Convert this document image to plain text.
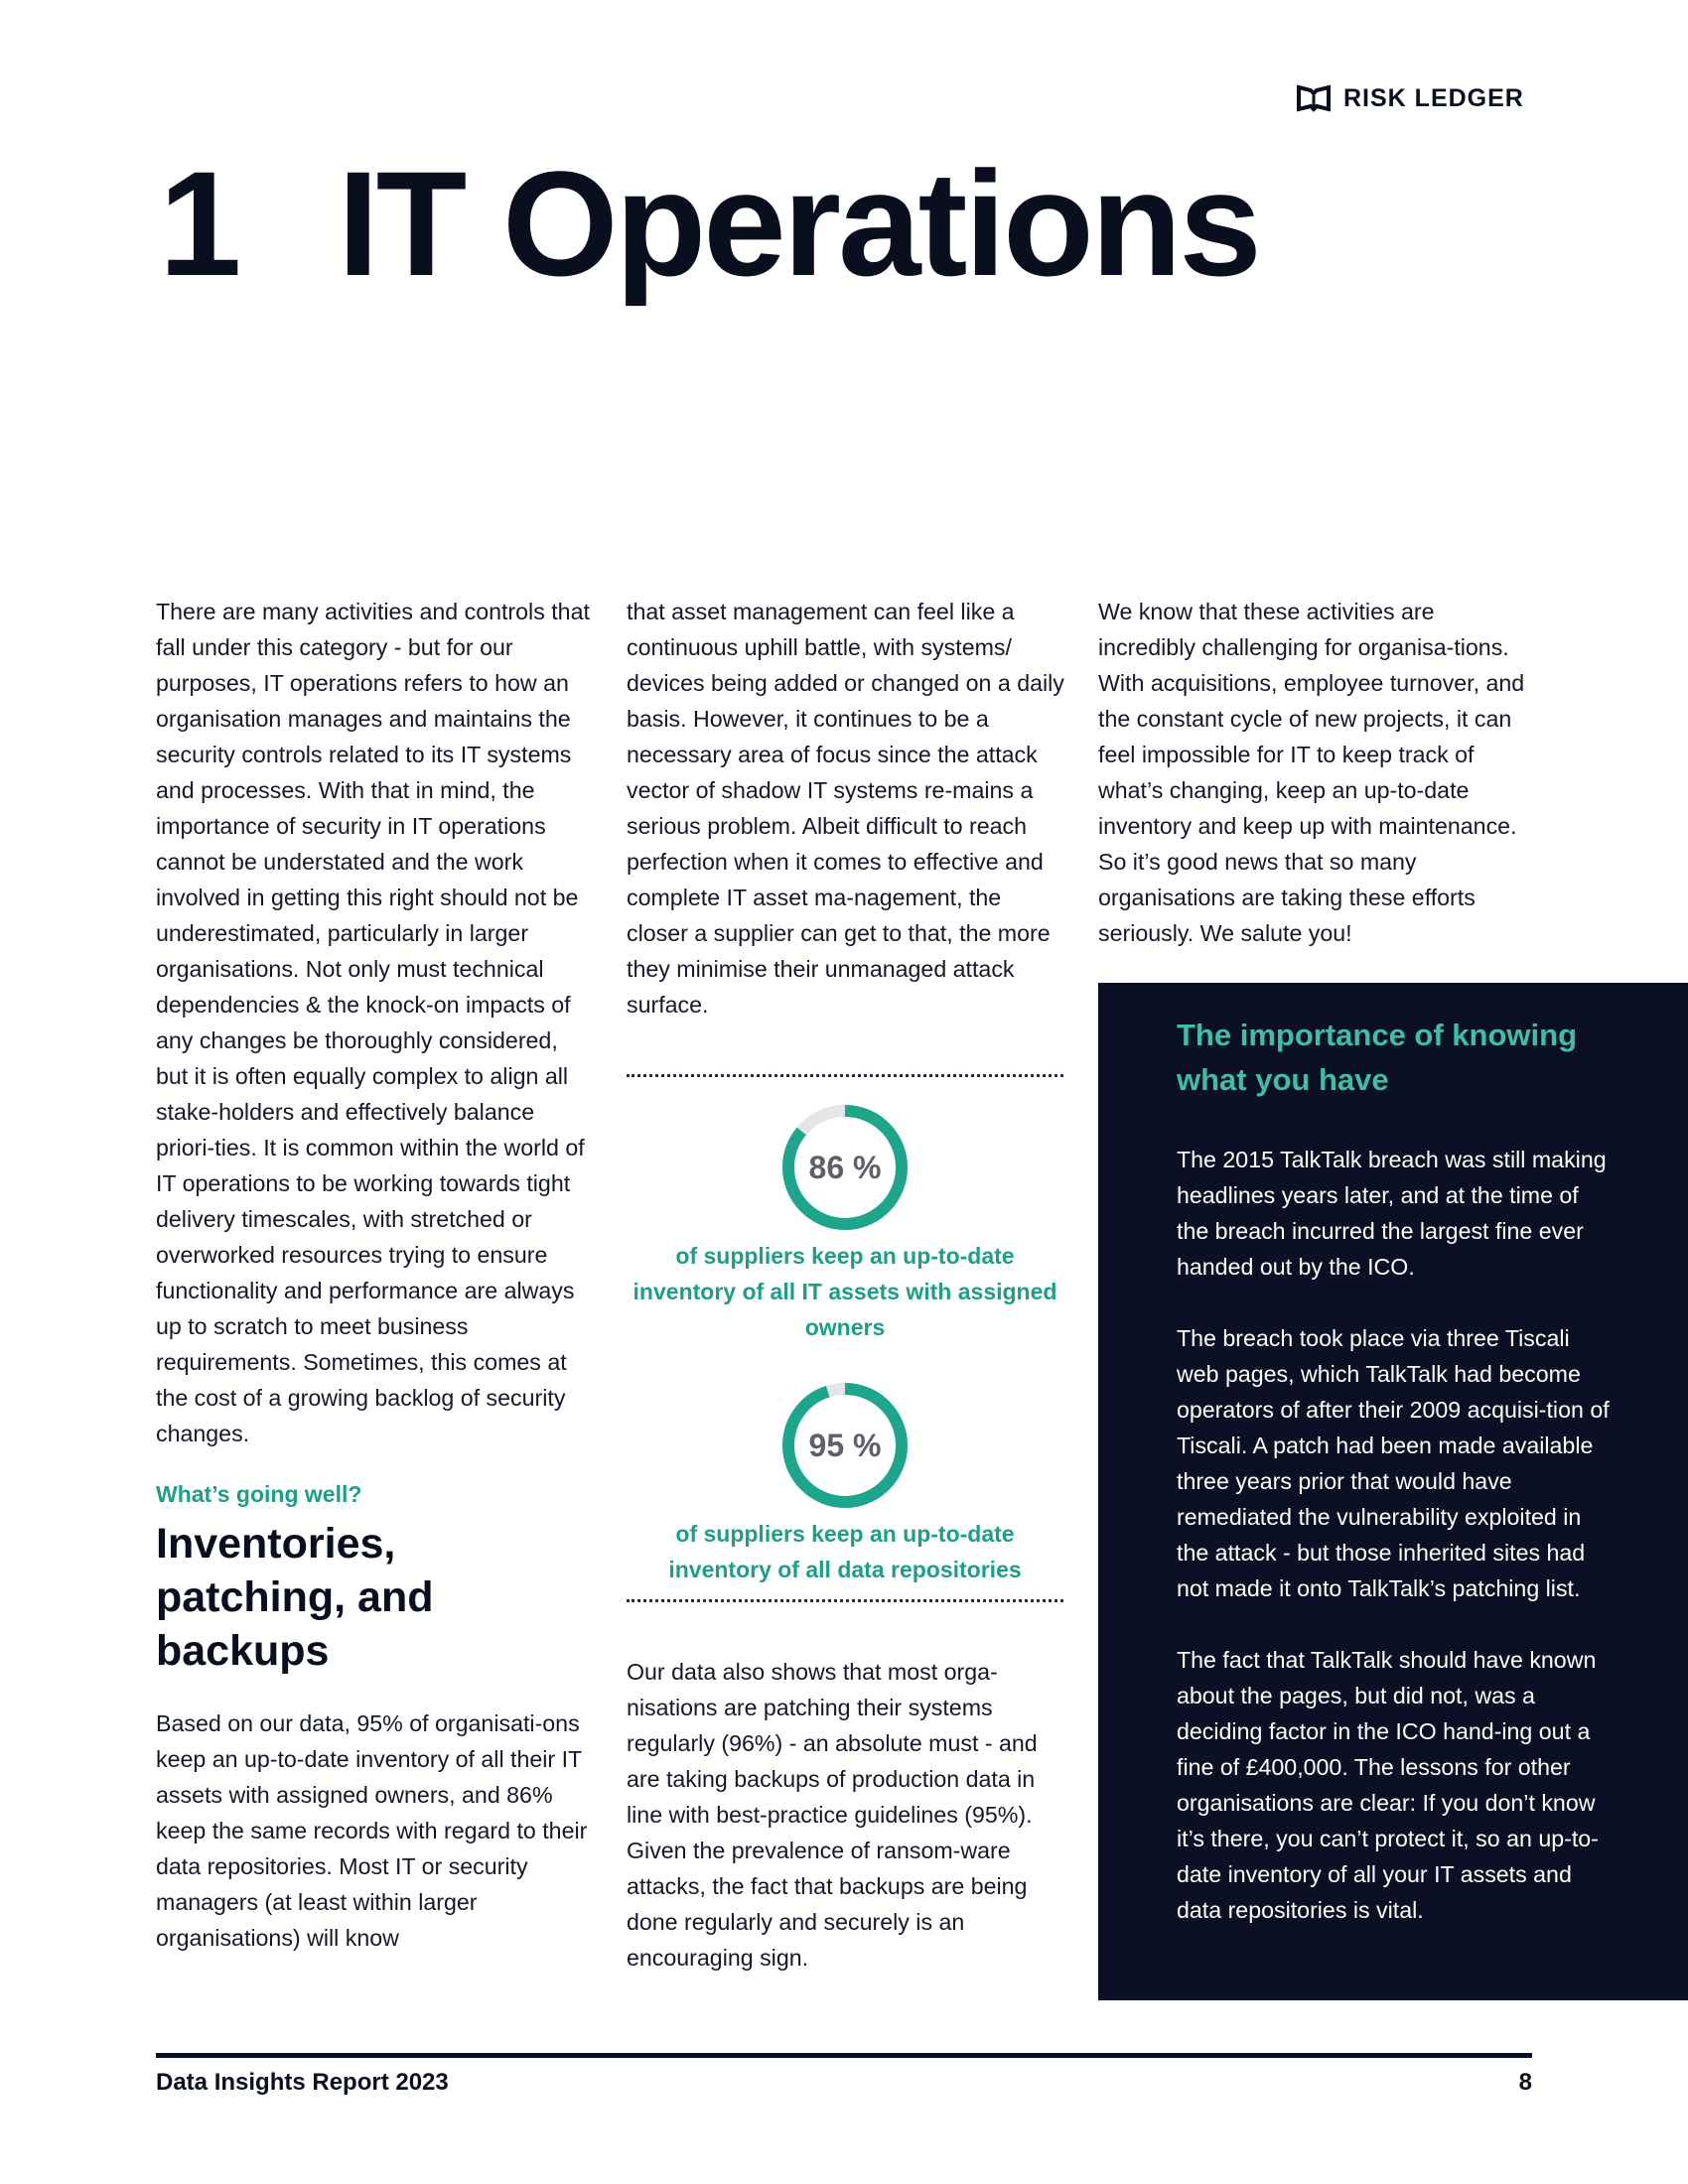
RISK LEDGER
1 IT Operations

There are many activities and controls that fall under this category - but for our purposes, IT operations refers to how an organisation manages and maintains the security controls related to its IT systems and processes. With that in mind, the importance of security in IT operations cannot be understated and the work involved in getting this right should not be underestimated, particularly in larger organisations. Not only must technical dependencies & the knock-on impacts of any changes be thoroughly considered, but it is often equally complex to align all stake-holders and effectively balance priori-ties. It is common within the world of IT operations to be working towards tight delivery timescales, with stretched or overworked resources trying to ensure functionality and performance are always up to scratch to meet business requirements. Sometimes, this comes at the cost of a growing backlog of security changes.

What’s going well?
Inventories, patching, and backups

Based on our data, 95% of organisati-ons keep an up-to-date inventory of all their IT assets with assigned owners, and 86% keep the same records with regard to their data repositories. Most IT or security managers (at least within larger organisations) will know

that asset management can feel like a continuous uphill battle, with systems/ devices being added or changed on a daily basis. However, it continues to be a necessary area of focus since the attack vector of shadow IT systems re-mains a serious problem. Albeit difficult to reach perfection when it comes to effective and complete IT asset ma-nagement, the closer a supplier can get to that, the more they minimise their unmanaged attack surface.

86 %
of suppliers keep an up-to-date inventory of all IT assets with assigned owners
95 %
of suppliers keep an up-to-date inventory of all data repositories

Our data also shows that most orga-nisations are patching their systems regularly (96%) - an absolute must - and are taking backups of production data in line with best-practice guidelines (95%). Given the prevalence of ransom-ware attacks, the fact that backups are being done regularly and securely is an encouraging sign.

We know that these activities are incredibly challenging for organisa-tions. With acquisitions, employee turnover, and the constant cycle of new projects, it can feel impossible for IT to keep track of what’s changing, keep an up-to-date inventory and keep up with maintenance. So it’s good news that so many organisations are taking these efforts seriously. We salute you!

The importance of knowing what you have

The 2015 TalkTalk breach was still making headlines years later, and at the time of the breach incurred the largest fine ever handed out by the ICO.

The breach took place via three Tiscali web pages, which TalkTalk had become operators of after their 2009 acquisi-tion of Tiscali. A patch had been made available three years prior that would have remediated the vulnerability exploited in the attack - but those inherited sites had not made it onto TalkTalk’s patching list.

The fact that TalkTalk should have known about the pages, but did not, was a deciding factor in the ICO hand-ing out a fine of £400,000. The lessons for other organisations are clear: If you don’t know it’s there, you can’t protect it, so an up-to-date inventory of all your IT assets and data repositories is vital.

Data Insights Report 2023	8
